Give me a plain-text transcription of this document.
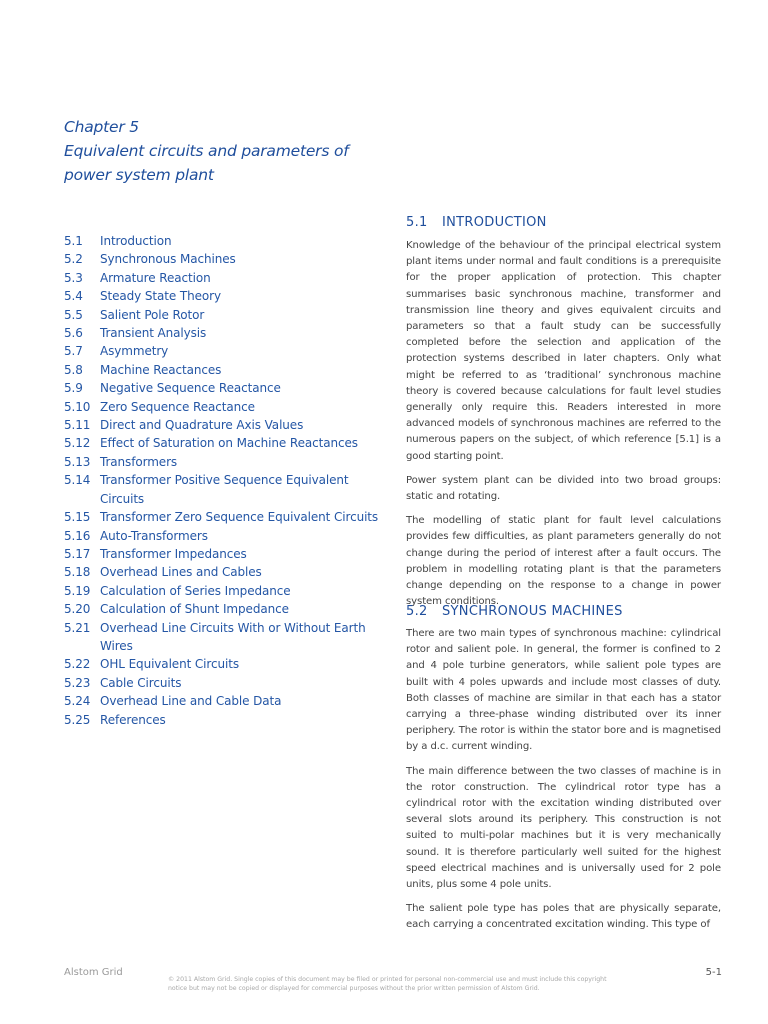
Chapter 5
Equivalent circuits and parameters of
power system plant
5.1	Introduction
5.2	Synchronous Machines
5.3	Armature Reaction
5.4	Steady State Theory
5.5	Salient Pole Rotor
5.6	Transient Analysis
5.7	Asymmetry
5.8	Machine Reactances
5.9	Negative Sequence Reactance
5.10 Zero Sequence Reactance
5.11 Direct and Quadrature Axis Values
5.12 Effect of Saturation on Machine Reactances
5.13 Transformers
5.14 Transformer Positive Sequence Equivalent Circuits
5.15 Transformer Zero Sequence Equivalent Circuits
5.16 Auto-Transformers
5.17 Transformer Impedances
5.18 Overhead Lines and Cables
5.19 Calculation of Series Impedance
5.20 Calculation of Shunt Impedance
5.21 Overhead Line Circuits With or Without Earth Wires
5.22 OHL Equivalent Circuits
5.23 Cable Circuits
5.24 Overhead Line and Cable Data
5.25 References
5.1	INTRODUCTION

Knowledge of the behaviour of the principal electrical system plant items under normal and fault conditions is a prerequisite for the proper application of protection. This chapter summarises basic synchronous machine, transformer and transmission line theory and gives equivalent circuits and parameters so that a fault study can be successfully completed before the selection and application of the protection systems described in later chapters. Only what might be referred to as ‘traditional’ synchronous machine theory is covered because calculations for fault level studies generally only require this. Readers interested in more advanced models of synchronous machines are referred to the numerous papers on the subject, of which reference [5.1] is a good starting point.

Power system plant can be divided into two broad groups: static and rotating.

The modelling of static plant for fault level calculations provides few difficulties, as plant parameters generally do not change during the period of interest after a fault occurs. The problem in modelling rotating plant is that the parameters change depending on the response to a change in power system conditions.

5.2	SYNCHRONOUS MACHINES

There are two main types of synchronous machine: cylindrical rotor and salient pole. In general, the former is confined to 2 and 4 pole turbine generators, while salient pole types are built with 4 poles upwards and include most classes of duty. Both classes of machine are similar in that each has a stator carrying a three-phase winding distributed over its inner periphery. The rotor is within the stator bore and is magnetised by a d.c. current winding.

The main difference between the two classes of machine is in the rotor construction. The cylindrical rotor type has a cylindrical rotor with the excitation winding distributed over several slots around its periphery. This construction is not suited to multi-polar machines but it is very mechanically sound. It is therefore particularly well suited for the highest speed electrical machines and is universally used for 2 pole units, plus some 4 pole units.

The salient pole type has poles that are physically separate, each carrying a concentrated excitation winding. This type of

Alstom Grid
© 2011 Alstom Grid. Single copies of this document may be filed or printed for personal non-commercial use and must include this copyright notice but may not be copied or displayed for commercial purposes without the prior written permission of Alstom Grid.
5-1
